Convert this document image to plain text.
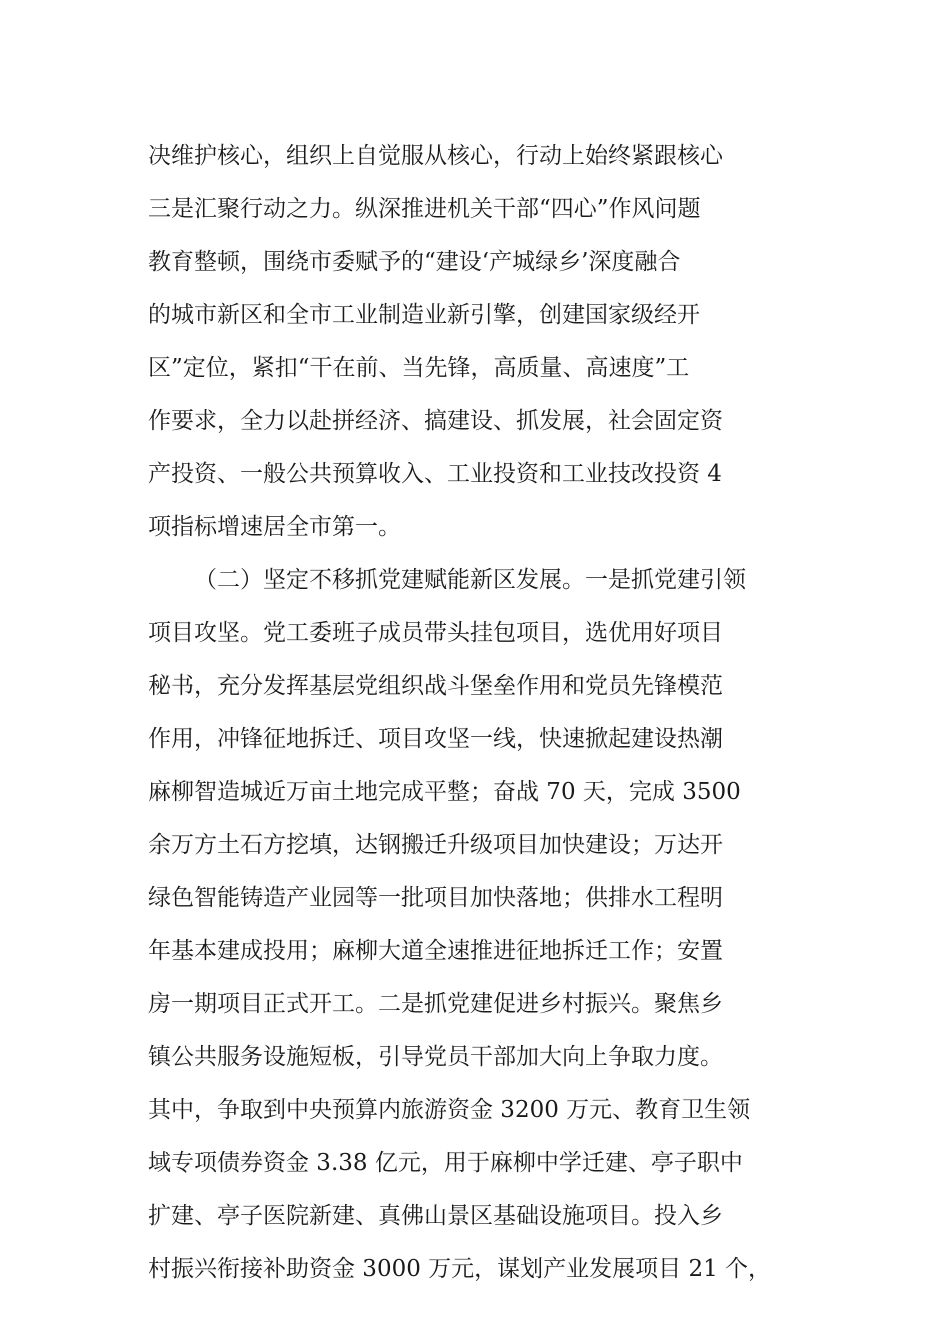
决维护核心，组织上自觉服从核心，行动上始终紧跟核心
三是汇聚行动之力。纵深推进机关干部“四心”作风问题
教育整顿，围绕市委赋予的“建设‘产城绿乡’深度融合
的城市新区和全市工业制造业新引擎，创建国家级经开
区”定位，紧扣“干在前、当先锋，高质量、高速度”工
作要求，全力以赴拼经济、搞建设、抓发展，社会固定资
产投资、一般公共预算收入、工业投资和工业技改投资 4
项指标增速居全市第一。
（二）坚定不移抓党建赋能新区发展。一是抓党建引领
项目攻坚。党工委班子成员带头挂包项目，选优用好项目
秘书，充分发挥基层党组织战斗堡垒作用和党员先锋模范
作用，冲锋征地拆迁、项目攻坚一线，快速掀起建设热潮
麻柳智造城近万亩土地完成平整；奋战 70 天，完成 3500
余万方土石方挖填，达钢搬迁升级项目加快建设；万达开
绿色智能铸造产业园等一批项目加快落地；供排水工程明
年基本建成投用；麻柳大道全速推进征地拆迁工作；安置
房一期项目正式开工。二是抓党建促进乡村振兴。聚焦乡
镇公共服务设施短板，引导党员干部加大向上争取力度。
其中，争取到中央预算内旅游资金 3200 万元、教育卫生领
域专项债券资金 3.38 亿元，用于麻柳中学迁建、亭子职中
扩建、亭子医院新建、真佛山景区基础设施项目。投入乡
村振兴衔接补助资金 3000 万元，谋划产业发展项目 21 个，
